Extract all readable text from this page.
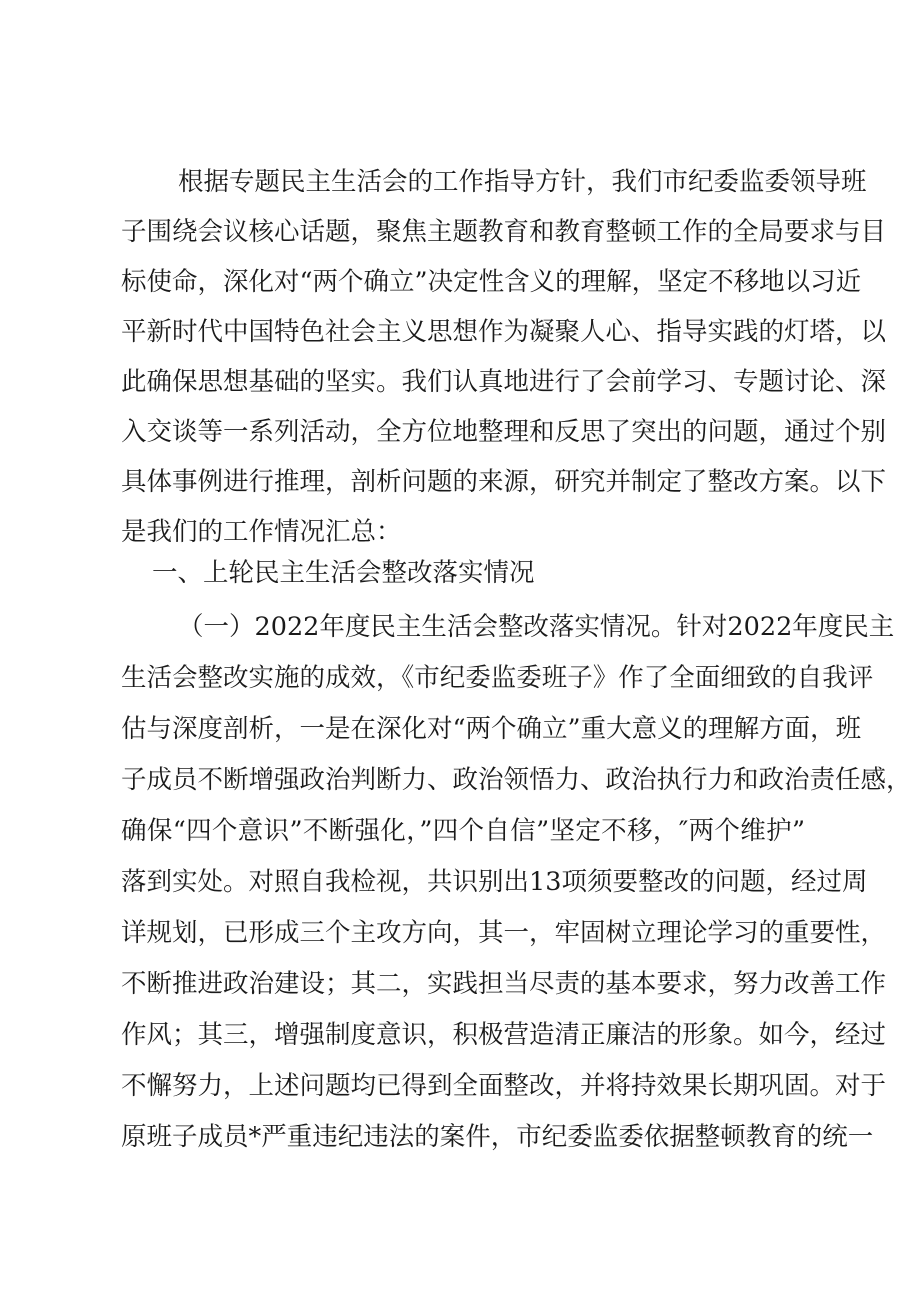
根据专题民主生活会的工作指导方针，我们市纪委监委领导班
子围绕会议核心话题，聚焦主题教育和教育整顿工作的全局要求与目
标使命，深化对“两个确立”决定性含义的理解，坚定不移地以习近
平新时代中国特色社会主义思想作为凝聚人心、指导实践的灯塔，以
此确保思想基础的坚实。我们认真地进行了会前学习、专题讨论、深
入交谈等一系列活动，全方位地整理和反思了突出的问题，通过个别
具体事例进行推理，剖析问题的来源，研究并制定了整改方案。以下
是我们的工作情况汇总：
一、上轮民主生活会整改落实情况
（一）2022年度民主生活会整改落实情况。针对2022年度民主
生活会整改实施的成效，《市纪委监委班子》作了全面细致的自我评
估与深度剖析，一是在深化对“两个确立”重大意义的理解方面，班
子成员不断增强政治判断力、政治领悟力、政治执行力和政治责任感，
确保“四个意识”不断强化，”四个自信”坚定不移，″两个维护”
落到实处。对照自我检视，共识别出13项须要整改的问题，经过周
详规划，已形成三个主攻方向，其一，牢固树立理论学习的重要性，
不断推进政治建设；其二，实践担当尽责的基本要求，努力改善工作
作风；其三，增强制度意识，积极营造清正廉洁的形象。如今，经过
不懈努力，上述问题均已得到全面整改，并将持效果长期巩固。对于
原班子成员*严重违纪违法的案件，市纪委监委依据整顿教育的统一
